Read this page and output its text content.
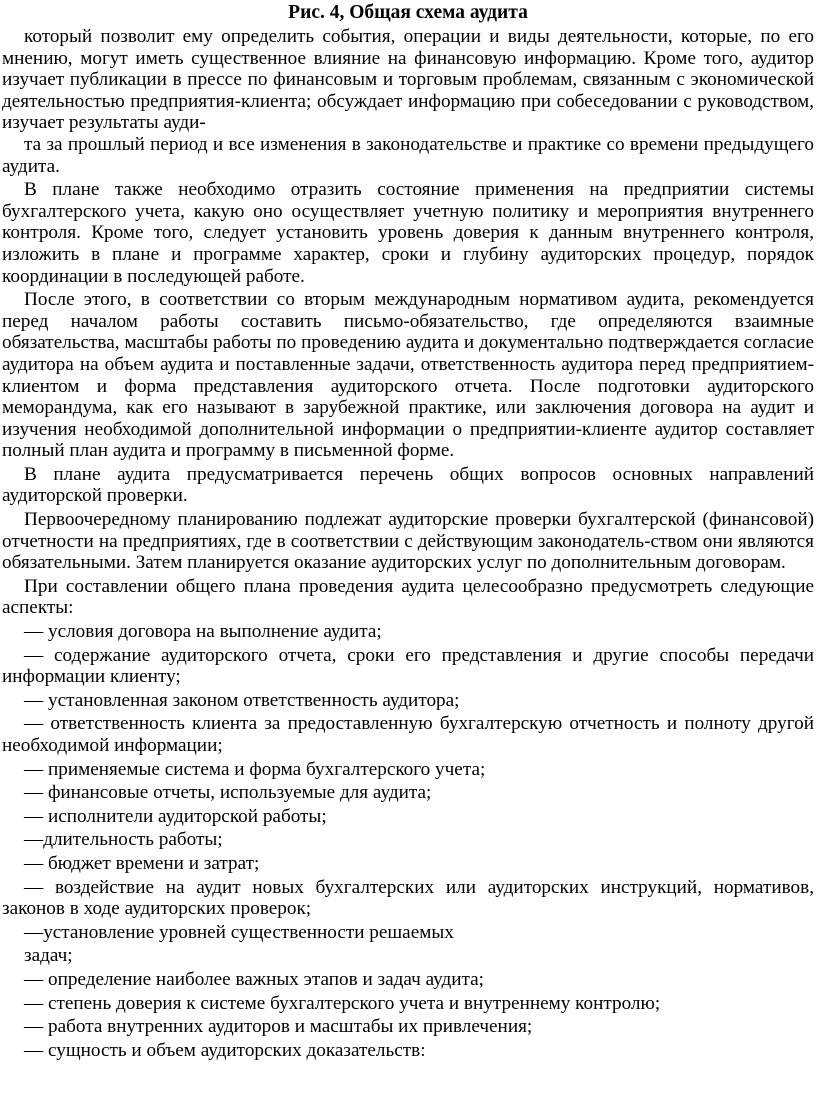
Рис. 4, Общая схема аудита

который позволит ему определить события, операции и виды деятельности, которые, по его мнению, могут иметь существенное влияние на финансовую информацию. Кроме того, аудитор изучает публикации в прессе по финансовым и торговым проблемам, связанным с экономической деятельностью предприятия-клиента; обсуждает информацию при собеседовании с руководством, изучает результаты ауди-

та за прошлый период и все изменения в законодательстве и практике со времени предыдущего аудита.

В плане также необходимо отразить состояние применения на предприятии системы бухгалтерского учета, какую оно осуществляет учетную политику и мероприятия внутреннего контроля. Кроме того, следует установить уровень доверия к данным внутреннего контроля, изложить в плане и программе характер, сроки и глубину аудиторских процедур, порядок координации в последующей работе.

После этого, в соответствии со вторым международным нормативом аудита, рекомендуется перед началом работы составить письмо-обязательство, где определяются взаимные обязательства, масштабы работы по проведению аудита и документально подтверждается согласие аудитора на объем аудита и поставленные задачи, ответственность аудитора перед предприятием-клиентом и форма представления аудиторского отчета. После подготовки аудиторского меморандума, как его называют в зарубежной практике, или заключения договора на аудит и изучения необходимой дополнительной информации о предприятии-клиенте аудитор составляет полный план аудита и программу в письменной форме.

В плане аудита предусматривается перечень общих вопросов основных направлений аудиторской проверки.

Первоочередному планированию подлежат аудиторские проверки бухгалтерской (финансовой) отчетности на предприятиях, где в соответствии с действующим законодатель-ством они являются обязательными. Затем планируется оказание аудиторских услуг по дополнительным договорам.

При составлении общего плана проведения аудита целесообразно предусмотреть следующие аспекты:

— условия договора на выполнение аудита;

— содержание аудиторского отчета, сроки его представления и другие способы передачи информации клиенту;

— установленная законом ответственность аудитора;

— ответственность клиента за предоставленную бухгалтерскую отчетность и полноту другой необходимой информации;

— применяемые система и форма бухгалтерского учета;

— финансовые отчеты, используемые для аудита;

— исполнители аудиторской работы;

—длительность работы;

— бюджет времени и затрат;

— воздействие на аудит новых бухгалтерских или аудиторских инструкций, нормативов, законов в ходе аудиторских проверок;

—установление уровней существенности решаемых

задач;

— определение наиболее важных этапов и задач аудита;

— степень доверия к системе бухгалтерского учета и внутреннему контролю;

— работа внутренних аудиторов и масштабы их привлечения;

— сущность и объем аудиторских доказательств:
